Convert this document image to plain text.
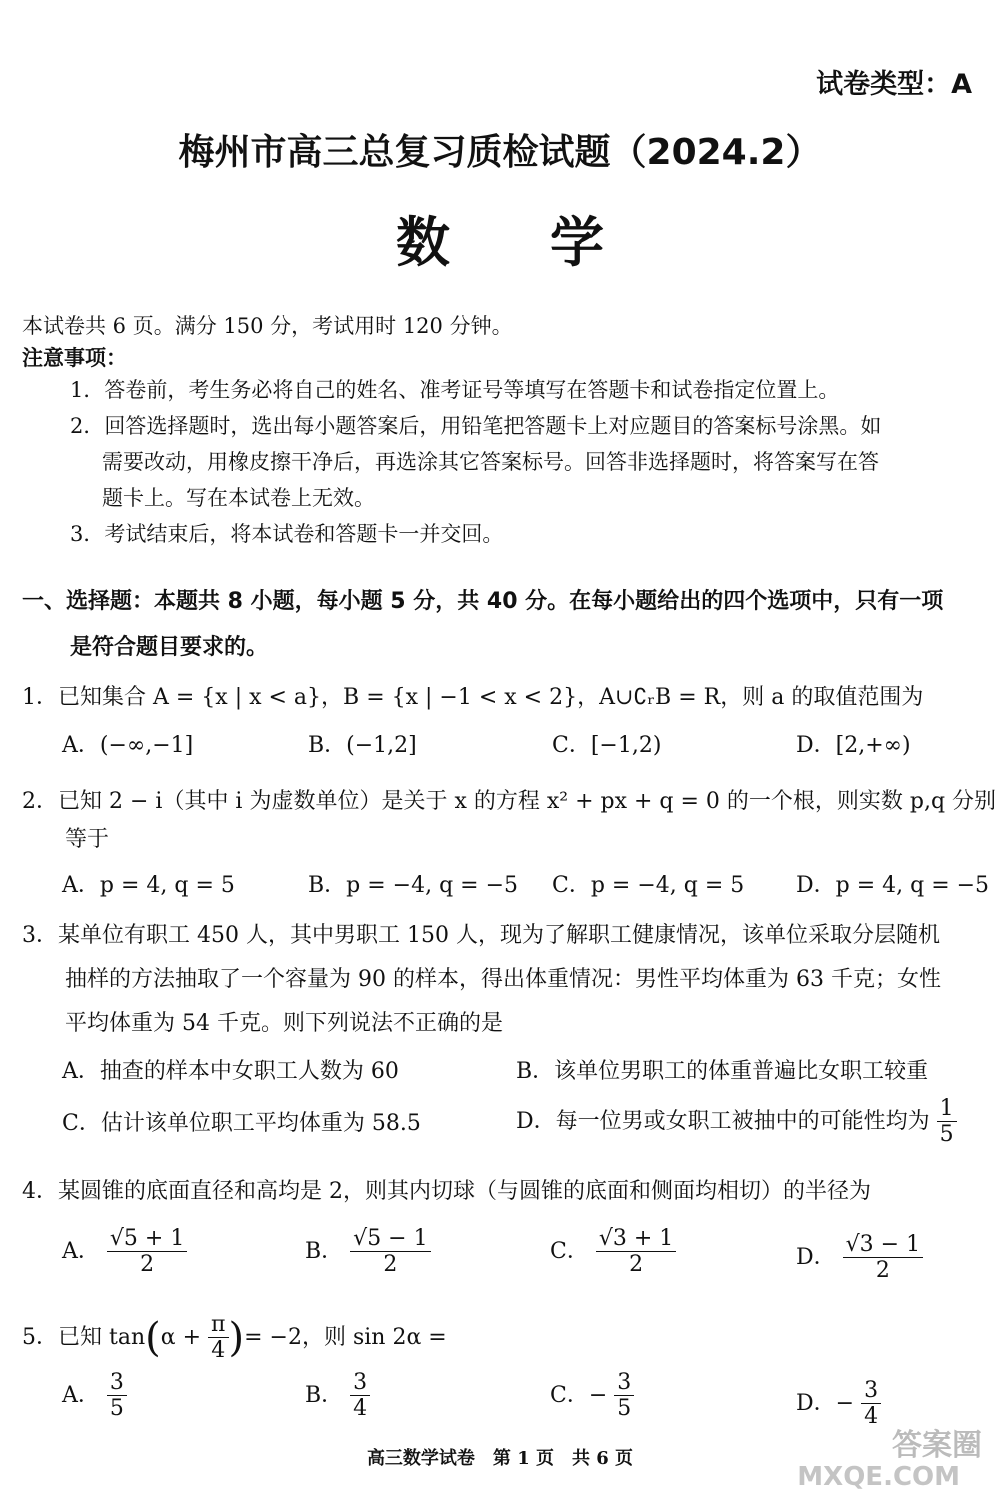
试卷类型：A
梅州市高三总复习质检试题（2024.2）
数学
本试卷共 6 页。满分 150 分，考试用时 120 分钟。
注意事项：
1．答卷前，考生务必将自己的姓名、准考证号等填写在答题卡和试卷指定位置上。
2．回答选择题时，选出每小题答案后，用铅笔把答题卡上对应题目的答案标号涂黑。如
需要改动，用橡皮擦干净后，再选涂其它答案标号。回答非选择题时，将答案写在答
题卡上。写在本试卷上无效。
3．考试结束后，将本试卷和答题卡一并交回。
一、选择题：本题共 8 小题，每小题 5 分，共 40 分。在每小题给出的四个选项中，只有一项
是符合题目要求的。
1．已知集合 A = {x | x < a}，B = {x | −1 < x < 2}，A∪∁ᵣB = R，则 a 的取值范围为
A．(−∞,−1]	B．(−1,2]	C．[−1,2)	D．[2,+∞)
2．已知 2 − i（其中 i 为虚数单位）是关于 x 的方程 x² + px + q = 0 的一个根，则实数 p,q 分别
等于
A．p = 4, q = 5	B．p = −4, q = −5 C．p = −4, q = 5 D．p = 4, q = −5
3．某单位有职工 450 人，其中男职工 150 人，现为了解职工健康情况，该单位采取分层随机
抽样的方法抽取了一个容量为 90 的样本，得出体重情况：男性平均体重为 63 千克；女性
平均体重为 54 千克。则下列说法不正确的是
A．抽查的样本中女职工人数为 60	B．该单位男职工的体重普遍比女职工较重
C．估计该单位职工平均体重为 58.5	D．每一位男或女职工被抽中的可能性均为 $\frac{1}{5}$
4．某圆锥的底面直径和高均是 2，则其内切球（与圆锥的底面和侧面均相切）的半径为
A． $\frac{√5 + 1}{2}$	B． $\frac{√5 - 1}{2}$	C． $\frac{√3 + 1}{2}$	D． $\frac{√3 - 1}{2}$
5．已知 $\tan(\alpha + \frac{\pi}{4}$ )= −2，则 sin 2α =
A． $\frac{3}{5}$	B． $\frac{3}{4}$	C．− $\frac{3}{5}$	D．− $\frac{3}{4}$
高三数学试卷　第 1 页　共 6 页	答案圈
MXQE.COM
